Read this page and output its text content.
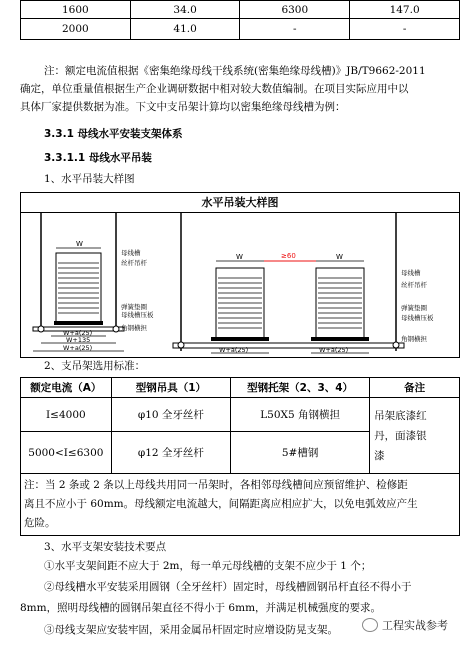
1600	34.0	6300	147.0
2000	41.0	-	-
注：额定电流值根据《密集绝缘母线干线系统(密集绝缘母线槽)》JB/T9662-2011
确定，单位重量值根据生产企业调研数据中相对较大数值编制。在项目实际应用中以
具体厂家提供数据为准。下文中支吊架计算均以密集绝缘母线槽为例：
3.3.1 母线水平安装支架体系
3.3.1.1 母线水平吊装
1、水平吊装大样图
水平吊装大样图
W
W+a(25)
W+135
W+a(25)
母线槽
丝杆吊杆
弹簧垫圈
母线槽压板
角钢横担
W	W
≥60
W+a(25)	W+a(25)
母线槽
丝杆吊杆
弹簧垫圈
母线槽压板
角钢横担
2、支吊架选用标准：
额定电流（A）	型钢吊具（1）	型钢托架（2、3、4）	备注
I≤4000	φ10 全牙丝杆	L50X5 角钢横担	吊架底漆红
丹，面漆银
漆

5000<I≤6300	φ12 全牙丝杆	5#槽钢	

注：当 2 条或 2 条以上母线共用同一吊架时，各相邻母线槽间应预留维护、检修距
离且不应小于 60mm。母线额定电流越大，间隔距离应相应扩大，以免电弧效应产生
危险。			
3、水平支架安装技术要点
①水平支架间距不应大于 2m，每一单元母线槽的支架不应少于 1 个；
②母线槽水平安装采用圆钢（全牙丝杆）固定时，母线槽圆钢吊杆直径不得小于
8mm，照明母线槽的圆钢吊架直径不得小于 6mm，并满足机械强度的要求。
③母线支架应安装牢固，采用金属吊杆固定时应增设防晃支架。	工程实战参考
